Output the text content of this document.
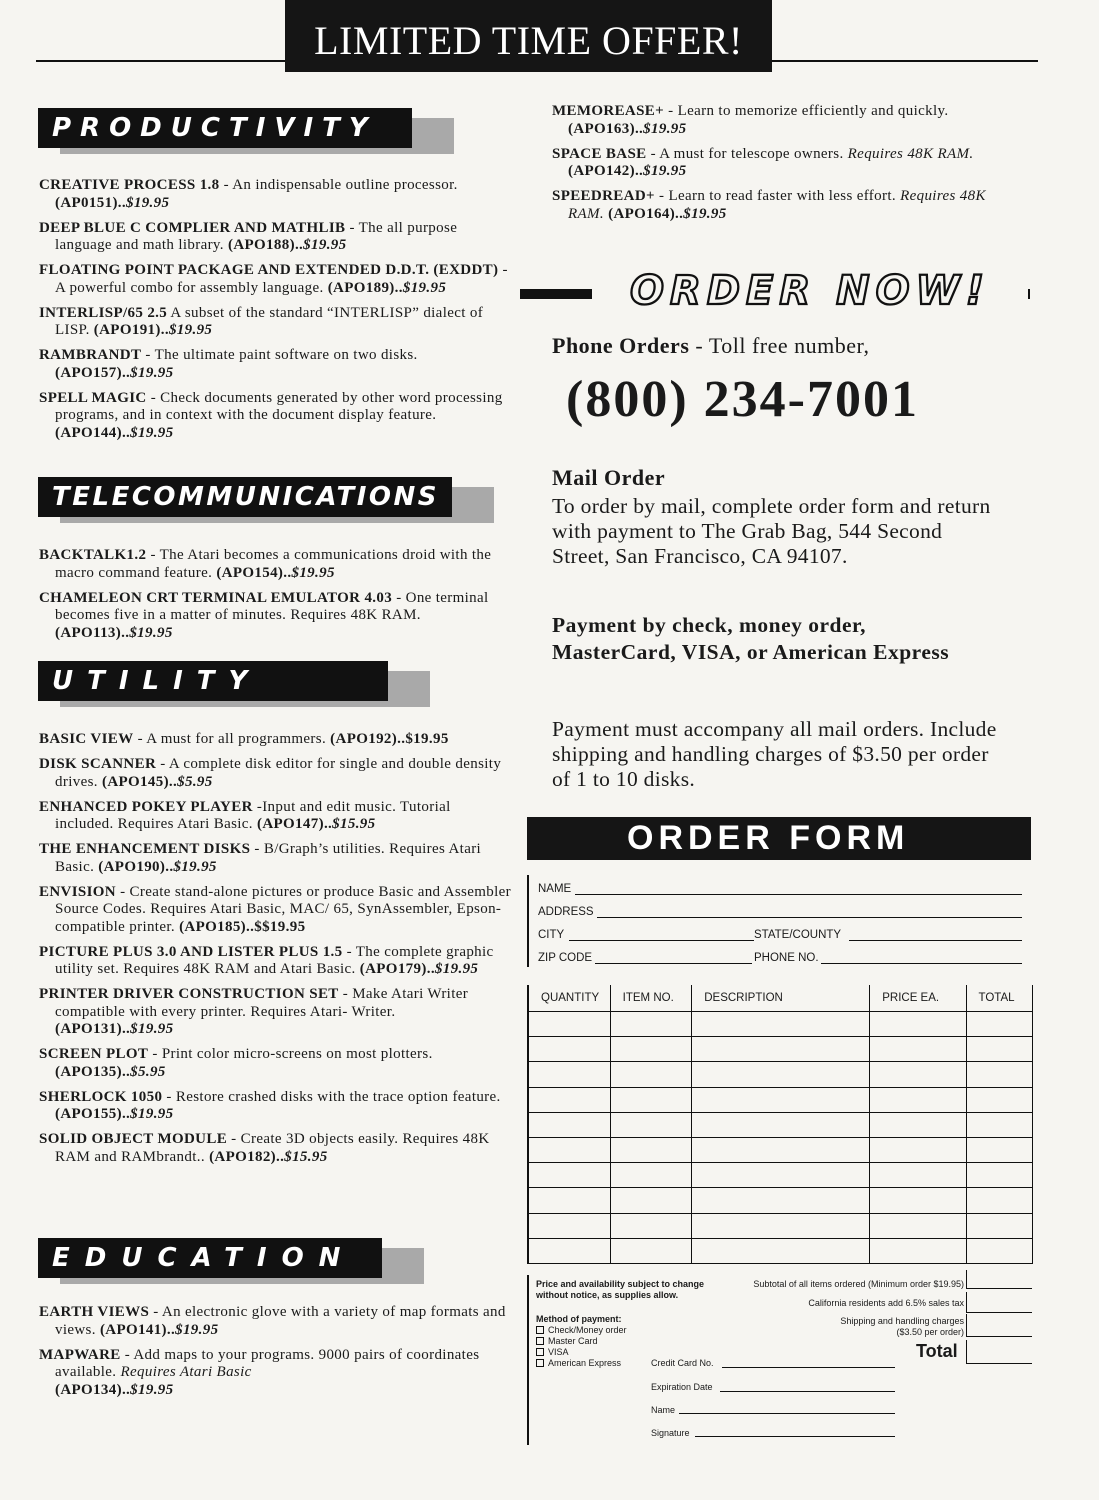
LIMITED TIME OFFER!
PRODUCTIVITY
TELECOMMUNICATIONS
UTILITY
EDUCATION
CREATIVE PROCESS 1.8 - An indispensable outline processor. (AP0151)..$19.95
DEEP BLUE C COMPLIER AND MATHLIB - The all purpose language and math library. (APO188)..$19.95
FLOATING POINT PACKAGE AND EXTENDED D.D.T. (EXDDT) - A powerful combo for assembly language. (APO189)..$19.95
INTERLISP/65 2.5 A subset of the standard “INTERLISP” dialect of LISP. (APO191)..$19.95
RAMBRANDT - The ultimate paint software on two disks. (APO157)..$19.95
SPELL MAGIC - Check documents generated by other word processing programs, and in context with the document display feature. (APO144)..$19.95
BACKTALK1.2 - The Atari becomes a communications droid with the macro command feature. (APO154)..$19.95
CHAMELEON CRT TERMINAL EMULATOR 4.03 - One terminal becomes five in a matter of minutes. Requires 48K RAM. (APO113)..$19.95
BASIC VIEW - A must for all programmers. (APO192)..$19.95
DISK SCANNER - A complete disk editor for single and double density drives. (APO145)..$5.95
ENHANCED POKEY PLAYER -Input and edit music. Tutorial included. Requires Atari Basic. (APO147)..$15.95
THE ENHANCEMENT DISKS - B/Graph’s utilities. Requires Atari Basic. (APO190)..$19.95
ENVISION - Create stand-alone pictures or produce Basic and Assembler Source Codes. Requires Atari Basic, MAC/ 65, SynAssembler, Epson-compatible printer. (APO185)..$$19.95
PICTURE PLUS 3.0 AND LISTER PLUS 1.5 - The complete graphic utility set. Requires 48K RAM and Atari Basic. (APO179)..$19.95
PRINTER DRIVER CONSTRUCTION SET - Make Atari Writer compatible with every printer. Requires Atari- Writer. (APO131)..$19.95
SCREEN PLOT - Print color micro-screens on most plotters. (APO135)..$5.95
SHERLOCK 1050 - Restore crashed disks with the trace option feature. (APO155)..$19.95
SOLID OBJECT MODULE - Create 3D objects easily. Requires 48K RAM and RAMbrandt.. (APO182)..$15.95
EARTH VIEWS - An electronic glove with a variety of map formats and views. (APO141)..$19.95
MAPWARE - Add maps to your programs. 9000 pairs of coordinates available. Requires Atari Basic
(APO134)..$19.95
MEMOREASE+ - Learn to memorize efficiently and quickly. (APO163)..$19.95
SPACE BASE - A must for telescope owners. Requires 48K RAM. (APO142)..$19.95
SPEEDREAD+ - Learn to read faster with less effort. Requires 48K RAM. (APO164)..$19.95
ORDER NOW!
Phone Orders - Toll free number,
(800) 234-7001
Mail Order
To order by mail, complete order form and return with payment to The Grab Bag, 544 Second Street, San Francisco, CA 94107.
Payment by check, money order, MasterCard, VISA, or American Express
Payment must accompany all mail orders. Include shipping and handling charges of $3.50 per order of 1 to 10 disks.
ORDER FORM
NAME
ADDRESS
CITY	STATE/COUNTY
ZIP CODE	PHONE NO.
QUANTITY	ITEM NO.	DESCRIPTION	PRICE EA.	TOTAL

Price and availability subject to change without notice, as supplies allow.
Method of payment:
Check/Money order
Master Card
VISA
American Express
Subtotal of all items ordered (Minimum order $19.95)
California residents add 6.5% sales tax
Shipping and handling charges
($3.50 per order)
Total
Credit Card No.
Expiration Date
Name
Signature
